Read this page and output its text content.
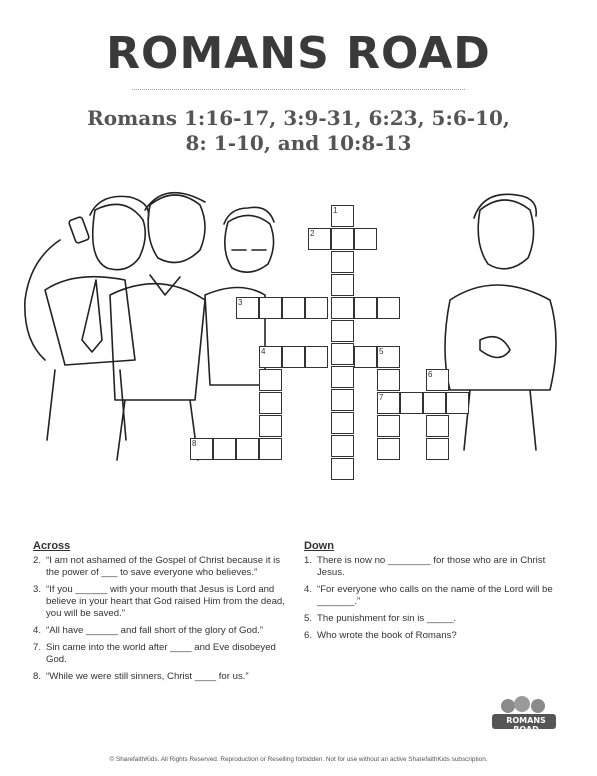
ROMANS ROAD
Romans 1:16-17, 3:9-31, 6:23, 5:6-10,
8: 1-10, and 10:8-13
1
2
3
4	5
6
7
8
Across
2. “I am not ashamed of the Gospel of Christ because it is the power of ___ to save everyone who believes.”
3. “If you ______ with your mouth that Jesus is Lord and believe in your heart that God raised Him from the dead, you will be saved.”
4. “All have ______ and fall short of the glory of God.”
7. Sin came into the world after ____ and Eve disobeyed God.
8. “While we were still sinners, Christ ____ for us.”
Down
1. There is now no ________ for those who are in Christ Jesus.
4. “For everyone who calls on the name of the Lord will be _______.”
5. The punishment for sin is _____.
6. Who wrote the book of Romans?
ROMANS ROAD
© SharefaithKids. All Rights Reserved. Reproduction or Reselling forbidden. Not for use without an active SharefaithKids subscription.
